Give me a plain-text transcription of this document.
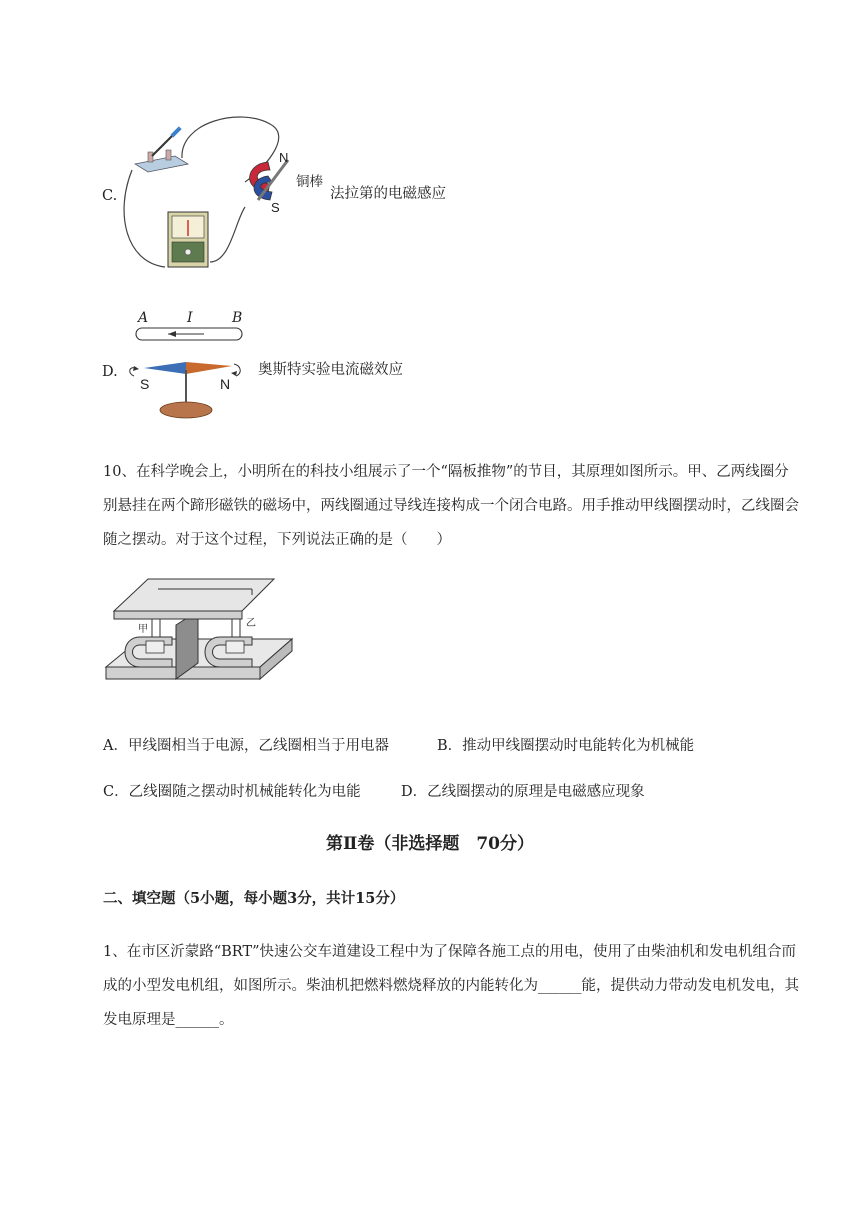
C.
N
S
铜棒
法拉第的电磁感应
D.
A	I	B
S	N
奥斯特实验电流磁效应
10、在科学晚会上，小明所在的科技小组展示了一个“隔板推物”的节目，其原理如图所示。甲、乙两线圈分别悬挂在两个蹄形磁铁的磁场中，两线圈通过导线连接构成一个闭合电路。用手推动甲线圈摆动时，乙线圈会随之摆动。对于这个过程，下列说法正确的是（　　）
甲
乙
A．甲线圈相当于电源，乙线圈相当于用电器	B．推动甲线圈摆动时电能转化为机械能
C．乙线圈随之摆动时机械能转化为电能	D．乙线圈摆动的原理是电磁感应现象
第Ⅱ卷（非选择题　70分）
二、填空题（5小题，每小题3分，共计15分）
1、在市区沂蒙路“BRT”快速公交车道建设工程中为了保障各施工点的用电，使用了由柴油机和发电机组合而成的小型发电机组，如图所示。柴油机把燃料燃烧释放的内能转化为______能，提供动力带动发电机发电，其发电原理是______。
